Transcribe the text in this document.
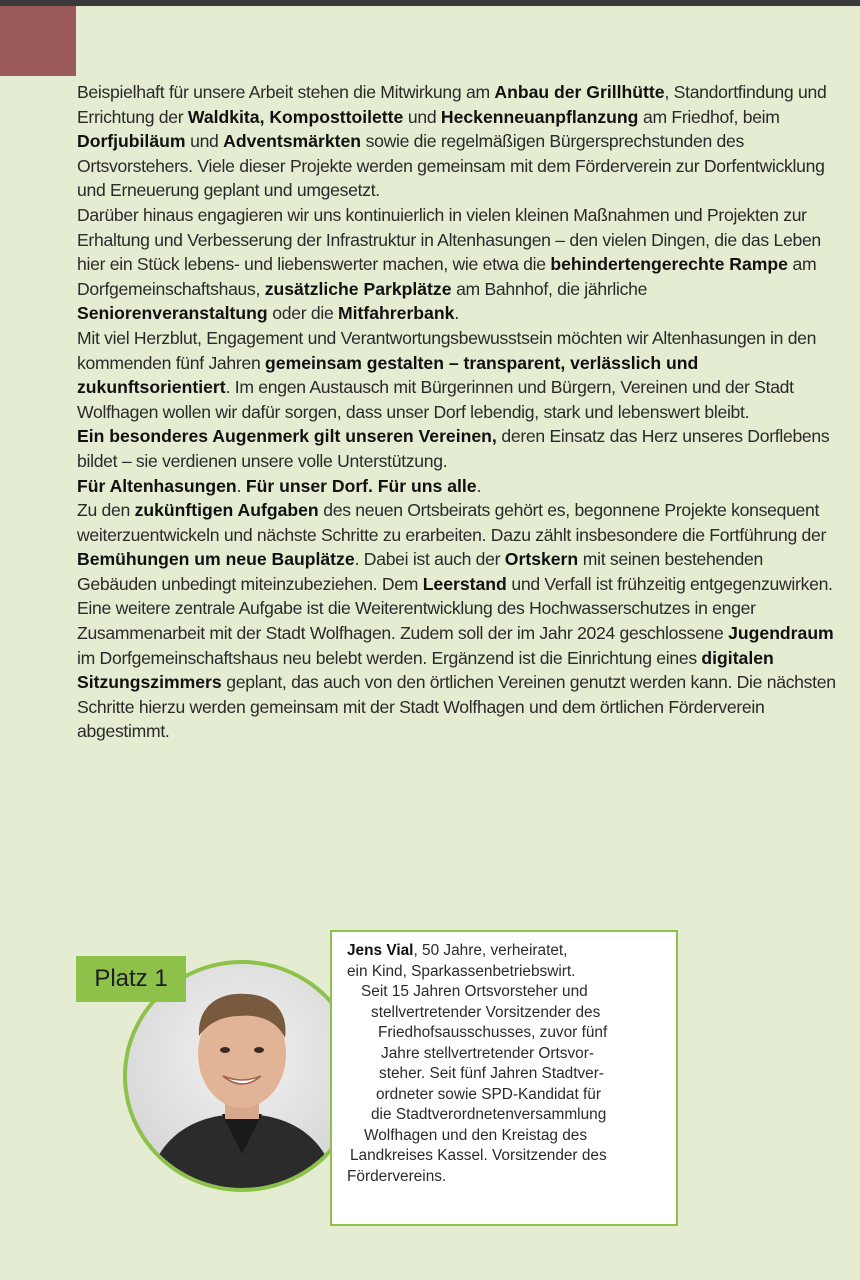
Beispielhaft für unsere Arbeit stehen die Mitwirkung am Anbau der Grillhütte, Standortfindung und Errichtung der Waldkita, Komposttoilette und Heckenneuanpflanzung am Friedhof, beim Dorfjubiläum und Adventsmärkten sowie die regelmäßigen Bürgersprechstunden des Ortsvorstehers. Viele dieser Projekte werden gemeinsam mit dem Förderverein zur Dorfentwicklung und Erneuerung geplant und umgesetzt.

Darüber hinaus engagieren wir uns kontinuierlich in vielen kleinen Maßnahmen und Projekten zur Erhaltung und Verbesserung der Infrastruktur in Altenhasungen – den vielen Dingen, die das Leben hier ein Stück lebens- und liebenswerter machen, wie etwa die behindertengerechte Rampe am Dorfgemeinschaftshaus, zusätzliche Parkplätze am Bahnhof, die jährliche Seniorenveranstaltung oder die Mitfahrerbank.

Mit viel Herzblut, Engagement und Verantwortungsbewusstsein möchten wir Altenhasungen in den kommenden fünf Jahren gemeinsam gestalten – transparent, verlässlich und zukunftsorientiert. Im engen Austausch mit Bürgerinnen und Bürgern, Vereinen und der Stadt Wolfhagen wollen wir dafür sorgen, dass unser Dorf lebendig, stark und lebenswert bleibt.

Ein besonderes Augenmerk gilt unseren Vereinen, deren Einsatz das Herz unseres Dorflebens bildet – sie verdienen unsere volle Unterstützung.

Für Altenhasungen. Für unser Dorf. Für uns alle.

Zu den zukünftigen Aufgaben des neuen Ortsbeirats gehört es, begonnene Projekte konsequent weiterzuentwickeln und nächste Schritte zu erarbeiten. Dazu zählt insbesondere die Fortführung der Bemühungen um neue Bauplätze. Dabei ist auch der Ortskern mit seinen bestehenden Gebäuden unbedingt miteinzubeziehen. Dem Leerstand und Verfall ist frühzeitig entgegenzuwirken.

Eine weitere zentrale Aufgabe ist die Weiterentwicklung des Hochwasserschutzes in enger Zusammenarbeit mit der Stadt Wolfhagen. Zudem soll der im Jahr 2024 geschlossene Jugendraum im Dorfgemeinschaftshaus neu belebt werden. Ergänzend ist die Einrichtung eines digitalen Sitzungszimmers geplant, das auch von den örtlichen Vereinen genutzt werden kann. Die nächsten Schritte hierzu werden gemeinsam mit der Stadt Wolfhagen und dem örtlichen Förderverein abgestimmt.

Platz 1
Jens Vial, 50 Jahre, verheiratet,
ein Kind, Sparkassenbetriebswirt.
Seit 15 Jahren Ortsvorsteher und
stellvertretender Vorsitzender des
Friedhofsausschusses, zuvor fünf
Jahre stellvertretender Ortsvor-
steher. Seit fünf Jahren Stadtver-
ordneter sowie SPD-Kandidat für
die Stadtverordnetenversammlung
Wolfhagen und den Kreistag des
Landkreises Kassel. Vorsitzender des
Fördervereins.
